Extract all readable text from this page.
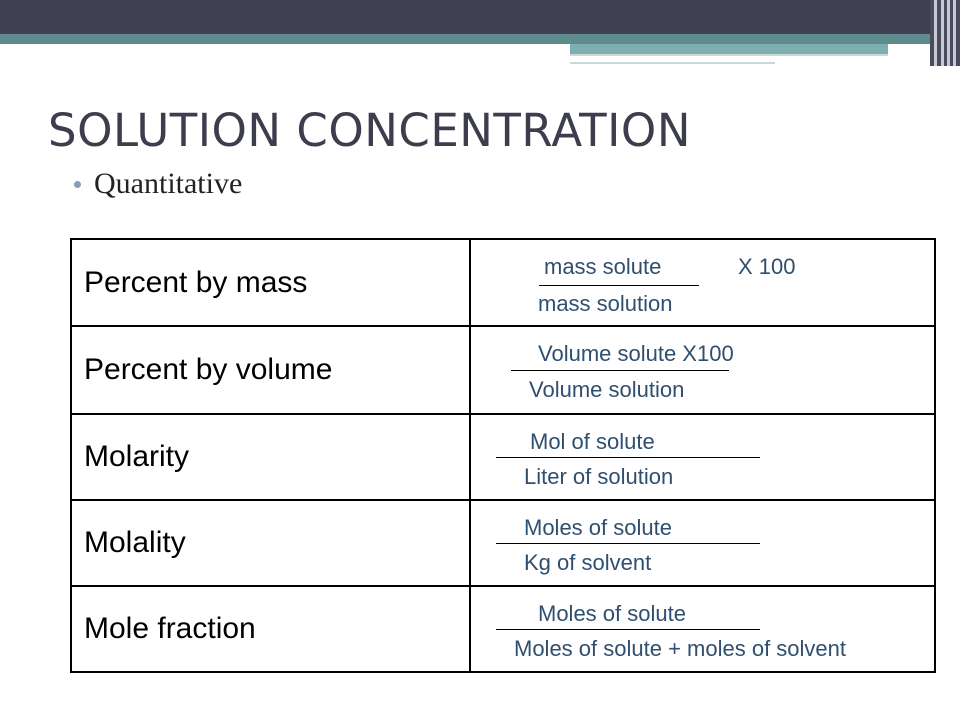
SOLUTION CONCENTRATION
Quantitative
Percent by mass	mass solute X 100
mass solution

Percent by volume	Volume solute X100
Volume solution

Molarity	Mol of solute
Liter of solution

Molality	Moles of solute
Kg of solvent

Mole fraction	Moles of solute
Moles of solute + moles of solvent
